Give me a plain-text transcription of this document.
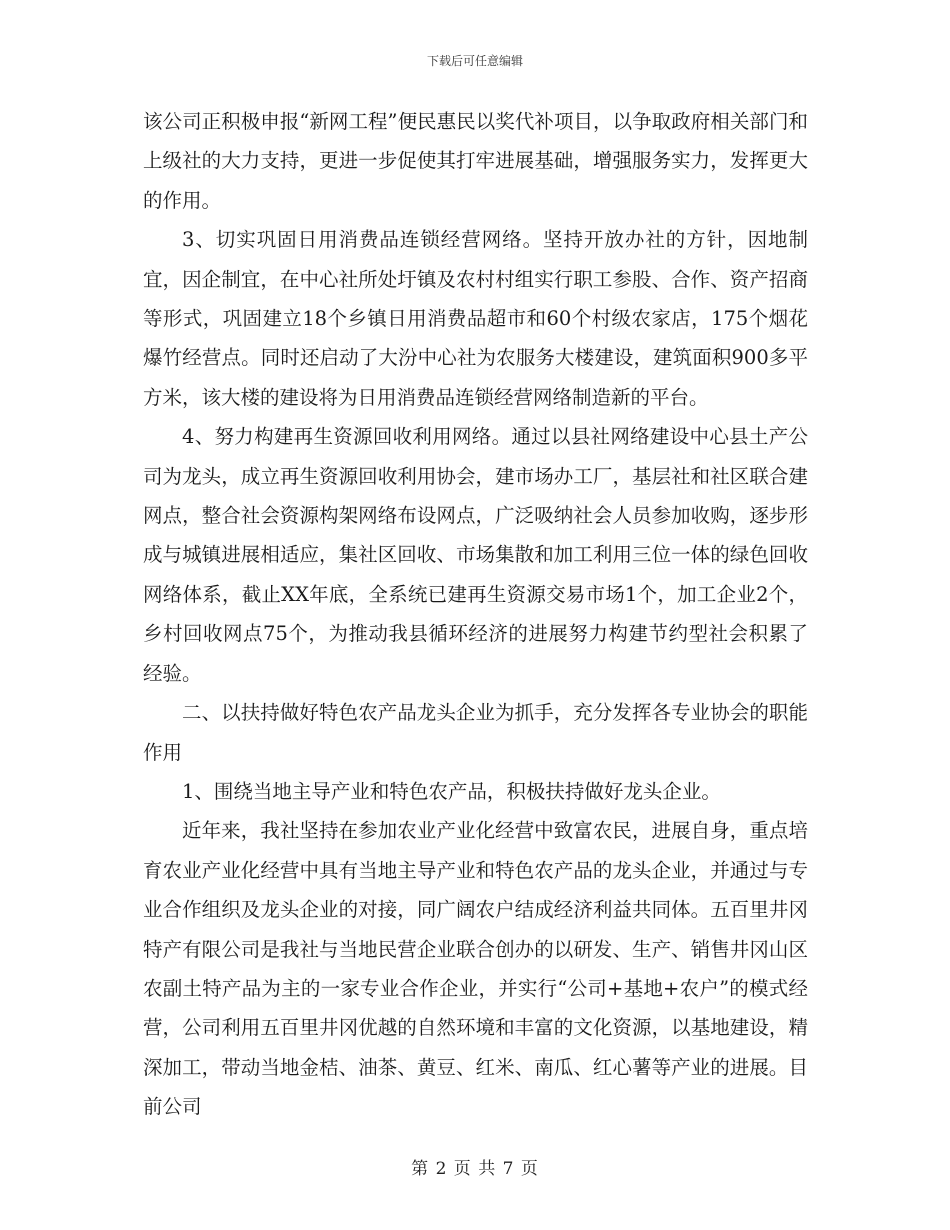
下载后可任意编辑

该公司正积极申报“新网工程”便民惠民以奖代补项目，以争取政府相关部门和上级社的大力支持，更进一步促使其打牢进展基础，增强服务实力，发挥更大的作用。

3、切实巩固日用消费品连锁经营网络。坚持开放办社的方针，因地制宜，因企制宜，在中心社所处圩镇及农村村组实行职工参股、合作、资产招商等形式，巩固建立18个乡镇日用消费品超市和60个村级农家店，175个烟花爆竹经营点。同时还启动了大汾中心社为农服务大楼建设，建筑面积900多平方米，该大楼的建设将为日用消费品连锁经营网络制造新的平台。

4、努力构建再生资源回收利用网络。通过以县社网络建设中心县土产公司为龙头，成立再生资源回收利用协会，建市场办工厂，基层社和社区联合建网点，整合社会资源构架网络布设网点，广泛吸纳社会人员参加收购，逐步形成与城镇进展相适应，集社区回收、市场集散和加工利用三位一体的绿色回收网络体系，截止XX年底，全系统已建再生资源交易市场1个，加工企业2个，乡村回收网点75个，为推动我县循环经济的进展努力构建节约型社会积累了经验。

二、以扶持做好特色农产品龙头企业为抓手，充分发挥各专业协会的职能作用

1、围绕当地主导产业和特色农产品，积极扶持做好龙头企业。

近年来，我社坚持在参加农业产业化经营中致富农民，进展自身，重点培育农业产业化经营中具有当地主导产业和特色农产品的龙头企业，并通过与专业合作组织及龙头企业的对接，同广阔农户结成经济利益共同体。五百里井冈特产有限公司是我社与当地民营企业联合创办的以研发、生产、销售井冈山区农副土特产品为主的一家专业合作企业，并实行“公司+基地+农户”的模式经营，公司利用五百里井冈优越的自然环境和丰富的文化资源，以基地建设，精深加工，带动当地金桔、油茶、黄豆、红米、南瓜、红心薯等产业的进展。目前公司

第 2 页 共 7 页
